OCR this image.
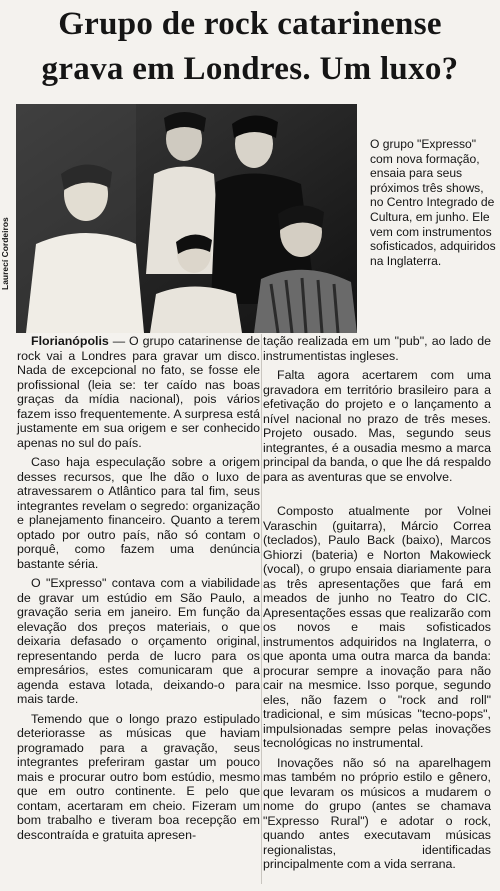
Grupo de rock catarinense
grava em Londres. Um luxo?
Laurecí Cordeiros

O grupo "Expresso" com nova formação, ensaia para seus próximos três shows, no Centro Integrado de Cultura, em junho. Ele vem com instrumentos sofisticados, adquiridos na Inglaterra.

Florianópolis — O grupo catarinense de rock vai a Londres para gravar um disco. Nada de excepcional no fato, se fosse ele profissional (leia se: ter caído nas boas graças da mídia nacional), pois vários fazem isso frequentemente. A surpresa está justamente em sua origem e ser conhecido apenas no sul do país.

Caso haja especulação sobre a origem desses recursos, que lhe dão o luxo de atravessarem o Atlântico para tal fim, seus integrantes revelam o segredo: organização e planejamento financeiro. Quanto a terem optado por outro país, não só contam o porquê, como fazem uma denúncia bastante séria.

O "Expresso" contava com a viabilidade de gravar um estúdio em São Paulo, a gravação seria em janeiro. Em função da elevação dos preços materiais, o que deixaria defasado o orçamento original, representando perda de lucro para os empresários, estes comunicaram que a agenda estava lotada, deixando-o para mais tarde.

Temendo que o longo prazo estipulado deteriorasse as músicas que haviam programado para a gravação, seus integrantes preferiram gastar um pouco mais e procurar outro bom estúdio, mesmo que em outro continente. E pelo que contam, acertaram em cheio. Fizeram um bom trabalho e tiveram boa recepção em descontraída e gratuita apresen-

tação realizada em um "pub", ao lado de instrumentistas ingleses.

Falta agora acertarem com uma gravadora em território brasileiro para a efetivação do projeto e o lançamento a nível nacional no prazo de três meses. Projeto ousado. Mas, segundo seus integrantes, é a ousadia mesmo a marca principal da banda, o que lhe dá respaldo para as aventuras que se envolve.

Composto atualmente por Volnei Varaschin (guitarra), Márcio Correa (teclados), Paulo Back (baixo), Marcos Ghiorzi (bateria) e Norton Makowieck (vocal), o grupo ensaia diariamente para as três apresentações que fará em meados de junho no Teatro do CIC. Apresentações essas que realizarão com os novos e mais sofisticados instrumentos adquiridos na Inglaterra, o que aponta uma outra marca da banda: procurar sempre a inovação para não cair na mesmice. Isso porque, segundo eles, não fazem o "rock and roll" tradicional, e sim músicas "tecno-pops", impulsionadas sempre pelas inovações tecnológicas no instrumental.

Inovações não só na aparelhagem mas também no próprio estilo e gênero, que levaram os músicos a mudarem o nome do grupo (antes se chamava "Expresso Rural") e adotar o rock, quando antes executavam músicas regionalistas, identificadas principalmente com a vida serrana.
